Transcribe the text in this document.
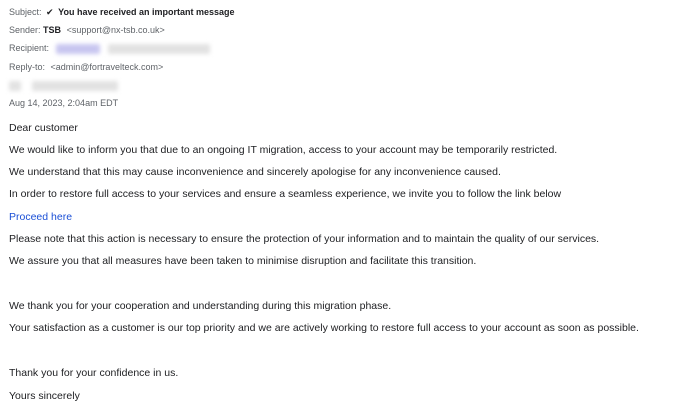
Subject: ✔ You have received an important message
Sender: TSB <support@nx-tsb.co.uk>
Recipient:
Reply-to: <admin@fortravelteck.com>

Aug 14, 2023, 2:04am EDT
Dear customer
We would like to inform you that due to an ongoing IT migration, access to your account may be temporarily restricted.
We understand that this may cause inconvenience and sincerely apologise for any inconvenience caused.
In order to restore full access to your services and ensure a seamless experience, we invite you to follow the link below
Proceed here
Please note that this action is necessary to ensure the protection of your information and to maintain the quality of our services.
We assure you that all measures have been taken to minimise disruption and facilitate this transition.
We thank you for your cooperation and understanding during this migration phase.
Your satisfaction as a customer is our top priority and we are actively working to restore full access to your account as soon as possible.
Thank you for your confidence in us.
Yours sincerely
